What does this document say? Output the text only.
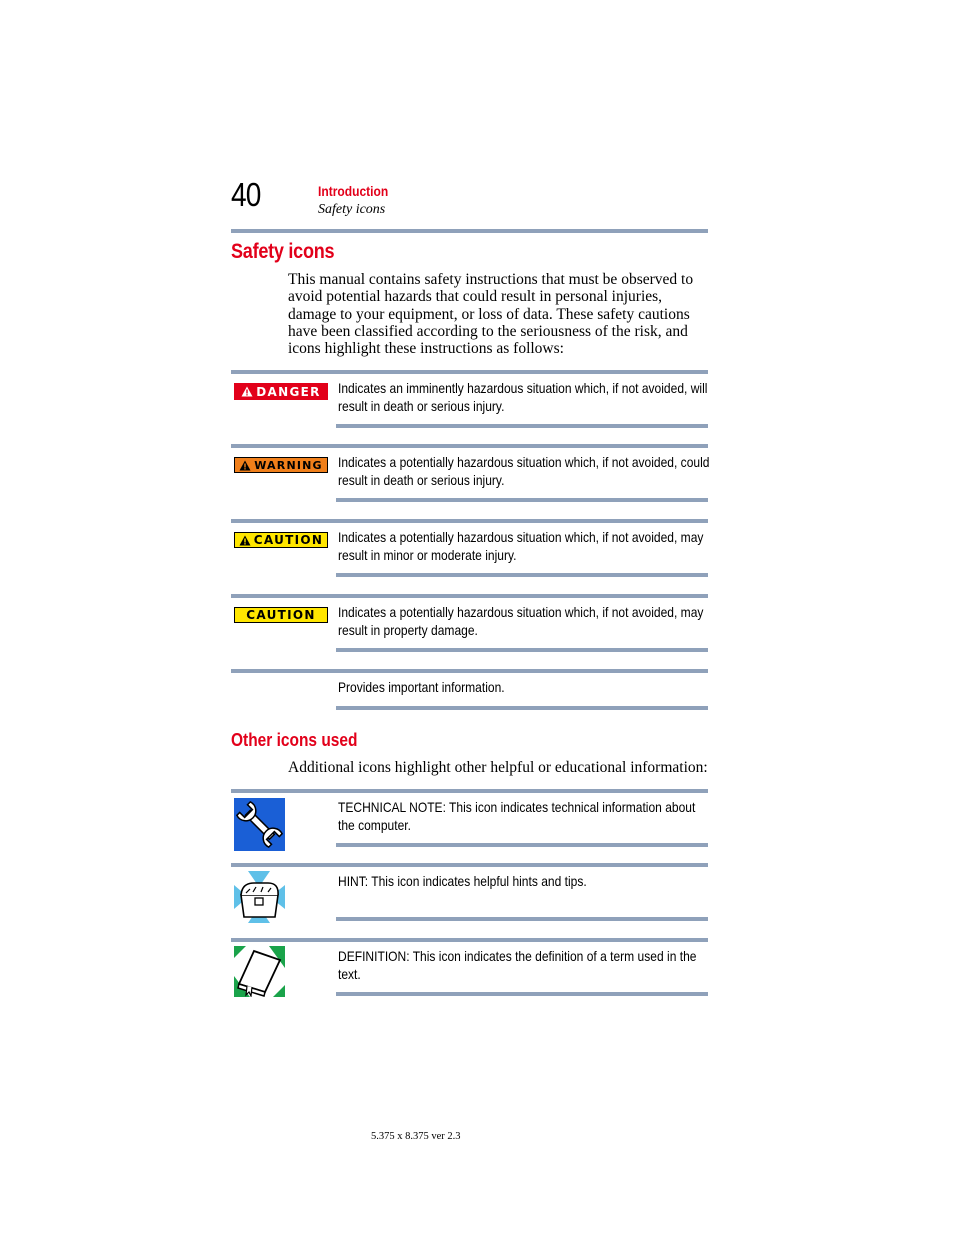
40	Introduction
Safety icons
Safety icons
This manual contains safety instructions that must be observed to avoid potential hazards that could result in personal injuries, damage to your equipment, or loss of data. These safety cautions have been classified according to the seriousness of the risk, and icons highlight these instructions as follows:
DANGER Indicates an imminently hazardous situation which, if not avoided, will result in death or serious injury.
WARNING Indicates a potentially hazardous situation which, if not avoided, could result in death or serious injury.
CAUTION Indicates a potentially hazardous situation which, if not avoided, may result in minor or moderate injury.
CAUTION Indicates a potentially hazardous situation which, if not avoided, may result in property damage.
Provides important information.
Other icons used
Additional icons highlight other helpful or educational information:
TECHNICAL NOTE: This icon indicates technical information about the computer.
HINT: This icon indicates helpful hints and tips.
DEFINITION: This icon indicates the definition of a term used in the text.
5.375 x 8.375 ver 2.3
